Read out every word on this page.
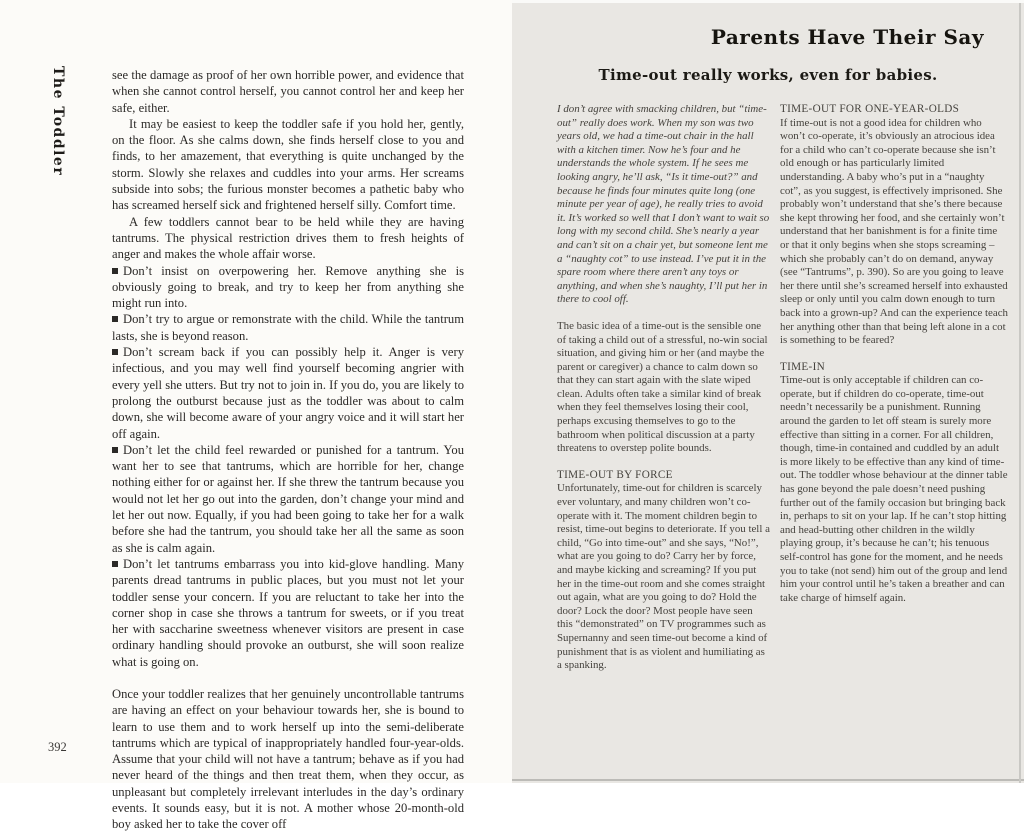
The Toddler	see the damage as proof of her own horrible power, and evidence that when she cannot control herself, you cannot control her and keep her safe, either.

It may be easiest to keep the toddler safe if you hold her, gently, on the floor. As she calms down, she finds herself close to you and finds, to her amazement, that everything is quite unchanged by the storm. Slowly she relaxes and cuddles into your arms. Her screams subside into sobs; the furious monster becomes a pathetic baby who has screamed herself sick and frightened herself silly. Comfort time.

A few toddlers cannot bear to be held while they are having tantrums. The physical restriction drives them to fresh heights of anger and makes the whole affair worse.

Don’t insist on overpowering her. Remove anything she is obviously going to break, and try to keep her from anything she might run into.

Don’t try to argue or remonstrate with the child. While the tantrum lasts, she is beyond reason.

Don’t scream back if you can possibly help it. Anger is very infectious, and you may well find yourself becoming angrier with every yell she utters. But try not to join in. If you do, you are likely to prolong the outburst because just as the toddler was about to calm down, she will become aware of your angry voice and it will start her off again.

Don’t let the child feel rewarded or punished for a tantrum. You want her to see that tantrums, which are horrible for her, change nothing either for or against her. If she threw the tantrum because you would not let her go out into the garden, don’t change your mind and let her out now. Equally, if you had been going to take her for a walk before she had the tantrum, you should take her all the same as soon as she is calm again.

Don’t let tantrums embarrass you into kid-glove handling. Many parents dread tantrums in public places, but you must not let your toddler sense your concern. If you are reluctant to take her into the corner shop in case she throws a tantrum for sweets, or if you treat her with saccharine sweetness whenever visitors are present in case ordinary handling should provoke an outburst, she will soon realize what is going on.

Once your toddler realizes that her genuinely uncontrollable tantrums are having an effect on your behaviour towards her, she is bound to learn to use them and to work herself up into the semi-deliberate tantrums which are typical of inappropriately handled four-year-olds. Assume that your child will not have a tantrum; behave as if you had never heard of the things and then treat them, when they occur, as unpleasant but completely irrelevant interludes in the day’s ordinary events. It sounds easy, but it is not. A mother whose 20-month-old boy asked her to take the cover off

392
Parents Have Their Say
Time-out really works, even for babies.

I don’t agree with smacking children, but “time-out” really does work. When my son was two years old, we had a time-out chair in the hall with a kitchen timer. Now he’s four and he understands the whole system. If he sees me looking angry, he’ll ask, “Is it time-out?” and because he finds four minutes quite long (one minute per year of age), he really tries to avoid it. It’s worked so well that I don’t want to wait so long with my second child. She’s nearly a year and can’t sit on a chair yet, but someone lent me a “naughty cot” to use instead. I’ve put it in the spare room where there aren’t any toys or anything, and when she’s naughty, I’ll put her in there to cool off.

The basic idea of a time-out is the sensible one of taking a child out of a stressful, no-win social situation, and giving him or her (and maybe the parent or caregiver) a chance to calm down so that they can start again with the slate wiped clean. Adults often take a similar kind of break when they feel themselves losing their cool, perhaps excusing themselves to go to the bathroom when political discussion at a party threatens to overstep polite bounds.

TIME-OUT BY FORCE

Unfortunately, time-out for children is scarcely ever voluntary, and many children won’t co-operate with it. The moment children begin to resist, time-out begins to deteriorate. If you tell a child, “Go into time-out” and she says, “No!”, what are you going to do? Carry her by force, and maybe kicking and screaming? If you put her in the time-out room and she comes straight out again, what are you going to do? Hold the door? Lock the door? Most people have seen this “demonstrated” on TV programmes such as Supernanny and seen time-out become a kind of punishment that is as violent and humiliating as a spanking.

TIME-OUT FOR ONE-YEAR-OLDS

If time-out is not a good idea for children who won’t co-operate, it’s obviously an atrocious idea for a child who can’t co-operate because she isn’t old enough or has particularly limited understanding. A baby who’s put in a “naughty cot”, as you suggest, is effectively imprisoned. She probably won’t understand that she’s there because she kept throwing her food, and she certainly won’t understand that her banishment is for a finite time or that it only begins when she stops screaming – which she probably can’t do on demand, anyway (see “Tantrums”, p. 390). So are you going to leave her there until she’s screamed herself into exhausted sleep or only until you calm down enough to turn back into a grown-up? And can the experience teach her anything other than that being left alone in a cot is something to be feared?

TIME-IN

Time-out is only acceptable if children can co-operate, but if children do co-operate, time-out needn’t necessarily be a punishment. Running around the garden to let off steam is surely more effective than sitting in a corner. For all children, though, time-in contained and cuddled by an adult is more likely to be effective than any kind of time-out. The toddler whose behaviour at the dinner table has gone beyond the pale doesn’t need pushing further out of the family occasion but bringing back in, perhaps to sit on your lap. If he can’t stop hitting and head-butting other children in the wildly playing group, it’s because he can’t; his tenuous self-control has gone for the moment, and he needs you to take (not send) him out of the group and lend him your control until he’s taken a breather and can take charge of himself again.
